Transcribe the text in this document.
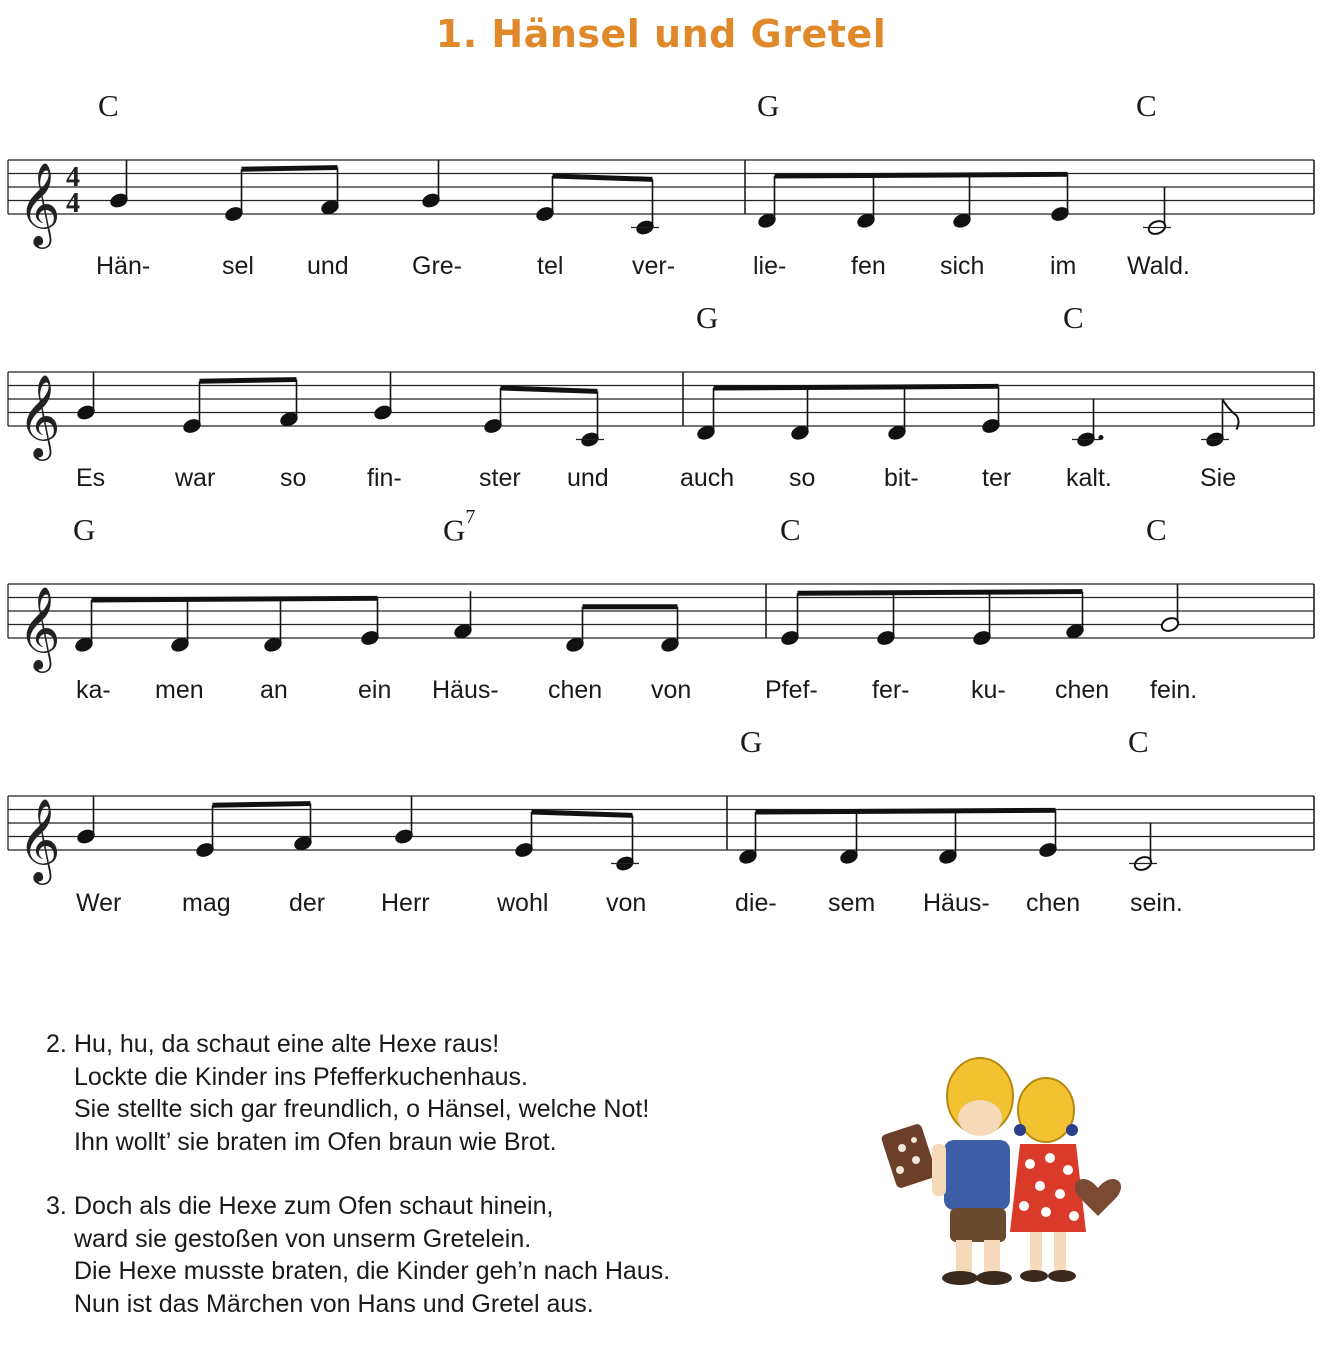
1. Hänsel und Gretel
C	G	C
𝄞 4
4
Hän-	sel und	Gre-	tel	ver-	lie-	fen sich	im Wald.
G	C
𝄞
Es	war	so fin-	ster und	auch so	bit-	ter kalt.	Sie
G	$G^7$	C	C
𝄞
ka- men an	ein Häus- chen von	Pfef- fer- ku- chen fein.
G	C
𝄞
Wer mag der Herr	wohl von	die- sem Häus- chen sein.
2. Hu, hu, da schaut eine alte Hexe raus!
Lockte die Kinder ins Pfefferkuchenhaus.
Sie stellte sich gar freundlich, o Hänsel, welche Not!
Ihn wollt’ sie braten im Ofen braun wie Brot.
3. Doch als die Hexe zum Ofen schaut hinein,
ward sie gestoßen von unserm Gretelein.
Die Hexe musste braten, die Kinder geh’n nach Haus.
Nun ist das Märchen von Hans und Gretel aus.
